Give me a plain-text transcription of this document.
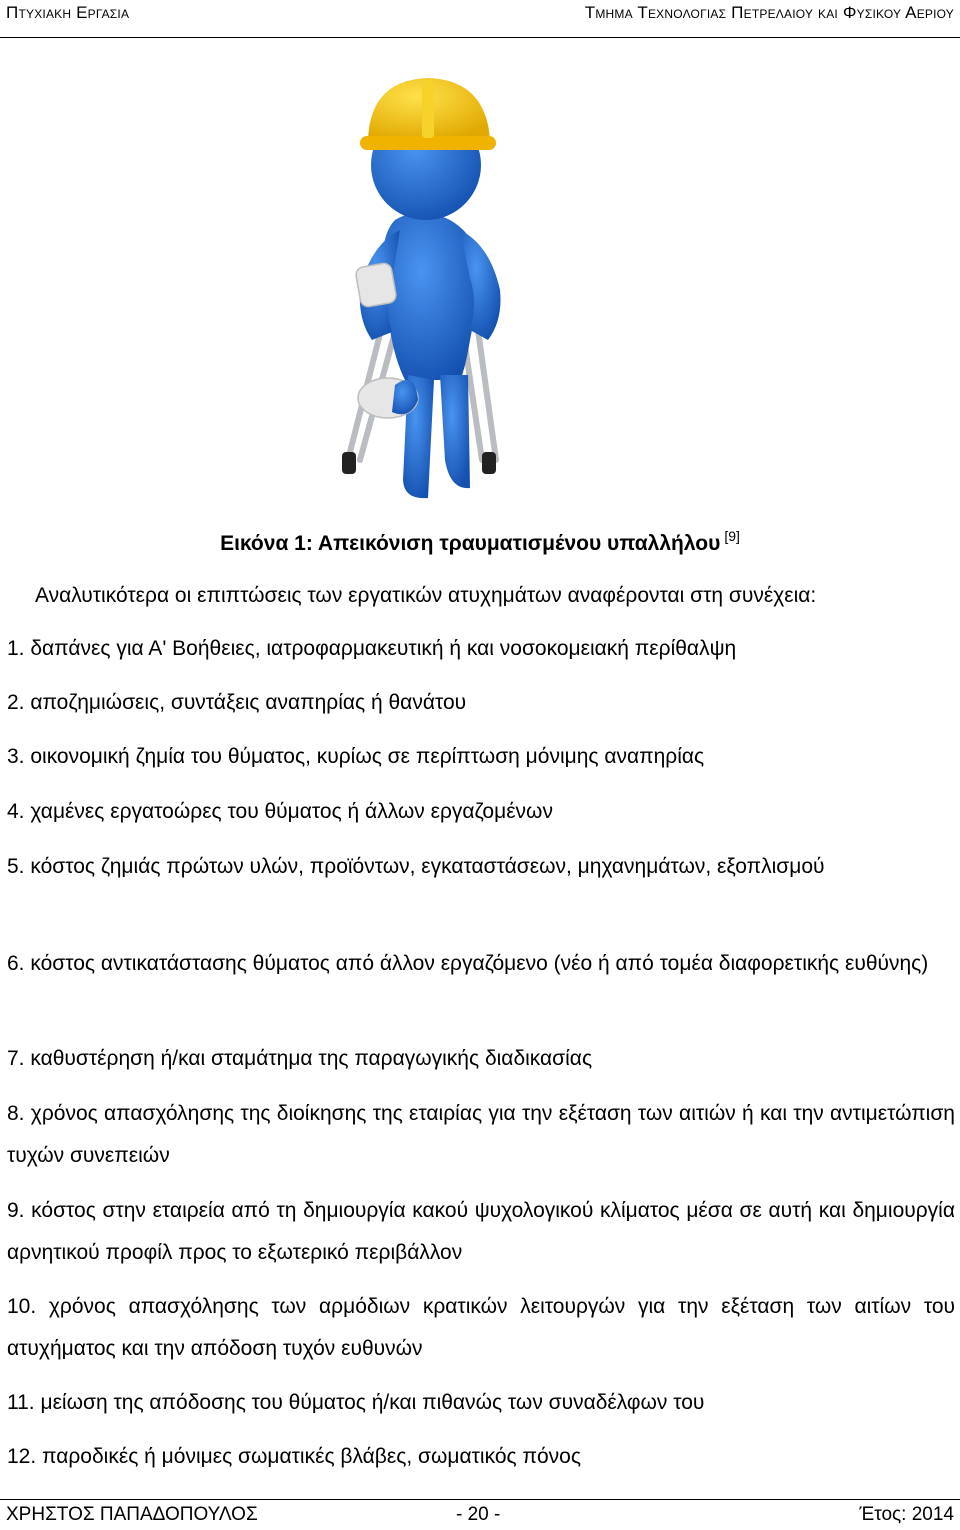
Πτυχιακη Εργασια	Τμημα Τεχνολογιας Πετρελαιου και Φυσικου Αεριου
Εικόνα 1: Απεικόνιση τραυματισμένου υπαλλήλου [9]
Αναλυτικότερα οι επιπτώσεις των εργατικών ατυχημάτων αναφέρονται στη συνέχεια:
1. δαπάνες για Α' Βοήθειες, ιατροφαρμακευτική ή και νοσοκομειακή περίθαλψη
2. αποζημιώσεις, συντάξεις αναπηρίας ή θανάτου
3. οικονομική ζημία του θύματος, κυρίως σε περίπτωση μόνιμης αναπηρίας
4. χαμένες εργατοώρες του θύματος ή άλλων εργαζομένων
5. κόστος ζημιάς πρώτων υλών, προϊόντων, εγκαταστάσεων, μηχανημάτων, εξοπλισμού
6. κόστος αντικατάστασης θύματος από άλλον εργαζόμενο (νέο ή από τομέα διαφορετικής ευθύνης)
7. καθυστέρηση ή/και σταμάτημα της παραγωγικής διαδικασίας
8. χρόνος απασχόλησης της διοίκησης της εταιρίας για την εξέταση των αιτιών ή και την αντιμετώπιση τυχών συνεπειών
9. κόστος στην εταιρεία από τη δημιουργία κακού ψυχολογικού κλίματος μέσα σε αυτή και δημιουργία αρνητικού προφίλ προς το εξωτερικό περιβάλλον
10. χρόνος απασχόλησης των αρμόδιων κρατικών λειτουργών για την εξέταση των αιτίων του ατυχήματος και την απόδοση τυχόν ευθυνών
11. μείωση της απόδοσης του θύματος ή/και πιθανώς των συναδέλφων του
12. παροδικές ή μόνιμες σωματικές βλάβες, σωματικός πόνος
ΧΡΗΣΤΟΣ ΠΑΠΑΔΟΠΟΥΛΟΣ	- 20 -	Έτος: 2014
